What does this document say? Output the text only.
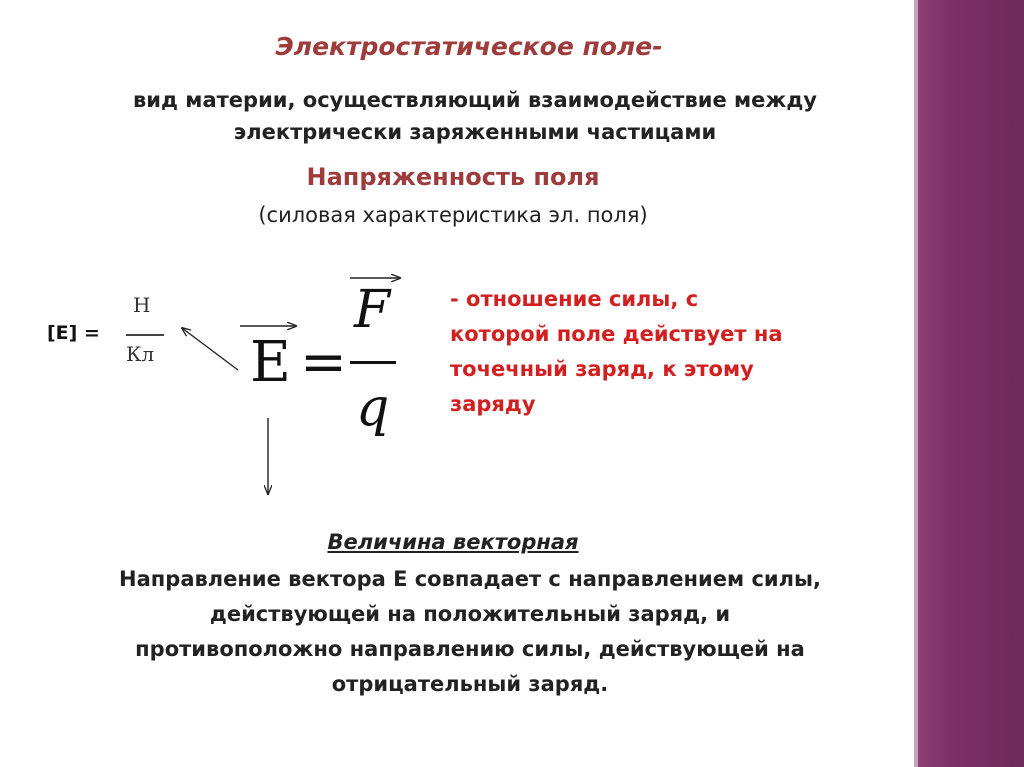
Электростатическое поле-

вид материи, осуществляющий взаимодействие между
электрически заряженными частицами

Напряженность поля

(силовая характеристика эл. поля)

[E] =

Н

Кл E =

F

q

- отношение силы, с
которой поле действует на
точечный заряд, к этому
заряду

Величина векторная

Направление вектора Е совпадает с направлением силы,
действующей на положительный заряд, и
противоположно направлению силы, действующей на
отрицательный заряд.
